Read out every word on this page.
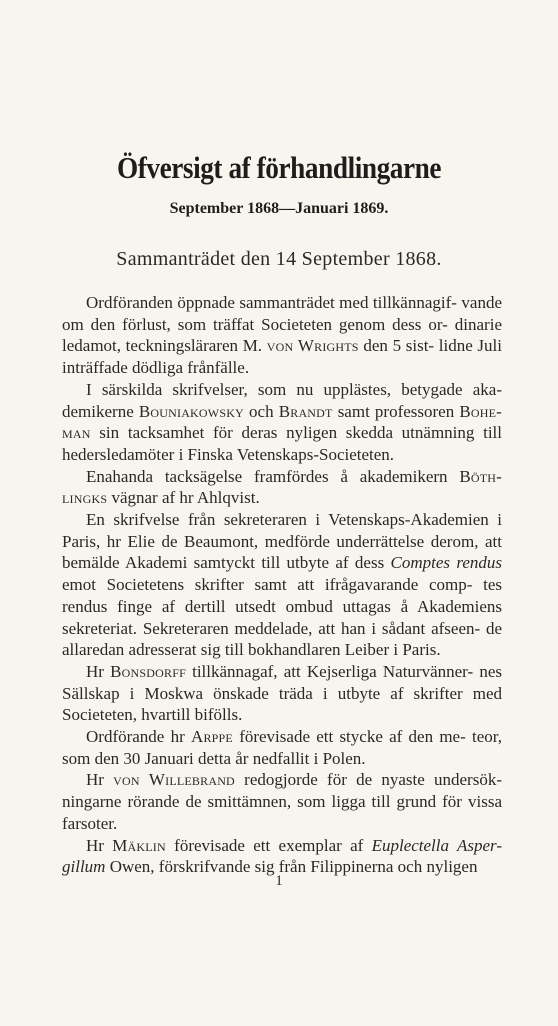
Öfversigt af förhandlingarne
September 1868—Januari 1869.
Sammanträdet den 14 September 1868.

Ordföranden öppnade sammanträdet med tillkännagif- vande om den förlust, som träffat Societeten genom dess or- dinarie ledamot, teckningsläraren M. von Wrights den 5 sist- lidne Juli inträffade dödliga frånfälle.

I särskilda skrifvelser, som nu upplästes, betygade aka- demikerne Bouniakowsky och Brandt samt professoren Bohe- man sin tacksamhet för deras nyligen skedda utnämning till hedersledamöter i Finska Vetenskaps-Societeten.

Enahanda tacksägelse framfördes å akademikern Böth- lingks vägnar af hr Ahlqvist.

En skrifvelse från sekreteraren i Vetenskaps-Akademien i Paris, hr Elie de Beaumont, medförde underrättelse derom, att bemälde Akademi samtyckt till utbyte af dess Comptes rendus emot Societetens skrifter samt att ifrågavarande comp- tes rendus finge af dertill utsedt ombud uttagas å Akademiens sekreteriat. Sekreteraren meddelade, att han i sådant afseen- de allaredan adresserat sig till bokhandlaren Leiber i Paris.

Hr Bonsdorff tillkännagaf, att Kejserliga Naturvänner- nes Sällskap i Moskwa önskade träda i utbyte af skrifter med Societeten, hvartill bifölls.

Ordförande hr Arppe förevisade ett stycke af den me- teor, som den 30 Januari detta år nedfallit i Polen.

Hr von Willebrand redogjorde för de nyaste undersök- ningarne rörande de smittämnen, som ligga till grund för vissa farsoter.

Hr Mäklin förevisade ett exemplar af Euplectella Asper- gillum Owen, förskrifvande sig från Filippinerna och nyligen

1
